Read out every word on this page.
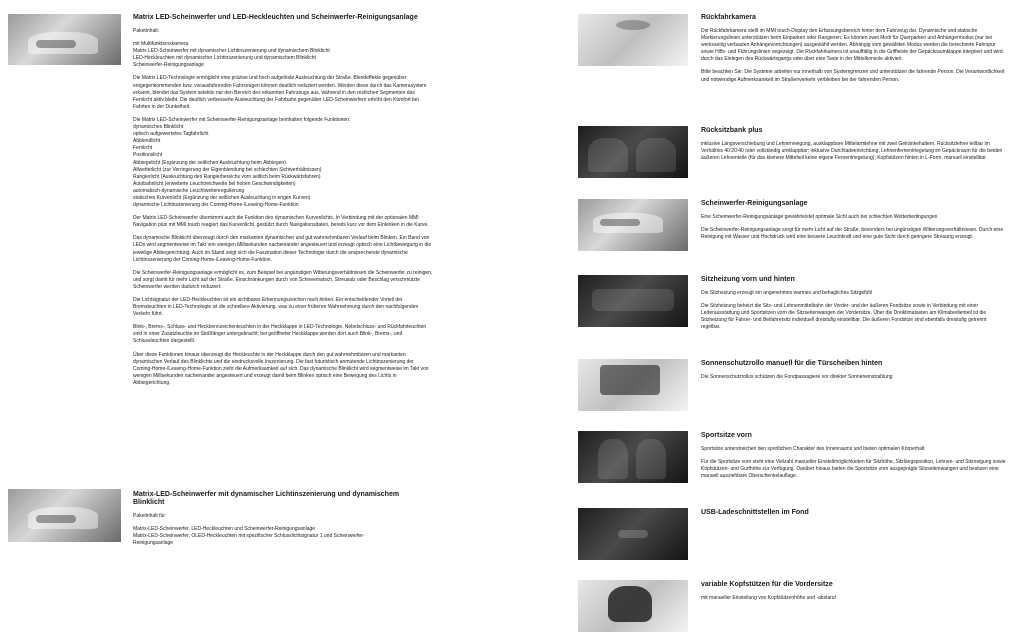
Matrix LED-Scheinwerfer und LED-Heckleuchten und Scheinwerfer-Reinigungsanlage
Paketinhalt:
mit Multifunktionskamera
Matrix LED-Scheinwerfer mit dynamischer Lichtinszenierung und dynamischem Blinklicht
LED-Heckleuchten mit dynamischer Lichtinszenierung und dynamischem Blinklicht
Scheinwerfer-Reinigungsanlage
Die Matrix LED-Technologie ermöglicht eine präzise und hoch aufgelöste Ausleuchtung der Straße. Blendeffekte gegenüber entgegenkommenden bzw. vorausfahrenden Fahrzeugen können deutlich reduziert werden. Werden diese durch das Kamerasystem erkannt, blendet das System selektiv nur den Bereich des erkannten Fahrzeugs aus, während in den restlichen Segmenten das Fernlicht aktiv bleibt. Die deutlich verbesserte Ausleuchtung der Fahrbahn gegenüber LED-Scheinwerfern erhöht den Komfort bei Fahrten in der Dunkelheit.
Die Matrix LED-Scheinwerfer mit Scheinwerfer-Reinigungsanlage beinhalten folgende Funktionen:
dynamisches Blinklicht
optisch aufgewertetes Tagfahrlicht
Abblendlicht
Fernlicht
Positionslicht
Abbiegelicht (Ergänzung der seitlichen Ausleuchtung beim Abbiegen)
Allwetterlicht (zur Verringerung der Eigenblendung bei schlechten Sichtverhältnissen)
Rangierlicht (Ausleuchtung des Rangierbereichs vorn seitlich beim Rückwärtsfahren)
Autobahnlicht (erweiterte Leuchtreichweite bei hohen Geschwindigkeiten)
automatisch-dynamische Leuchtweitenregulierung
statisches Kurvenlicht (Ergänzung der seitlichen Ausleuchtung in engen Kurven)
dynamische Lichtinszenierung der Coming-Home-/Leaving-Home-Funktion
Der Matrix LED-Scheinwerfer übernimmt auch die Funktion des dynamischen Kurvenlichts. In Verbindung mit der optionalen MMI Navigation plus mit MMI touch reagiert das Kurvenlicht, gestützt durch Navigationsdaten, bereits kurz vor dem Einlenken in die Kurve.
Das dynamische Blinklicht überzeugt durch den markanten dynamischen und gut wahrnehmbaren Verlauf beim Blinken. Ein Band von LEDs wird segmentweise im Takt von wenigen Millisekunden nacheinander angesteuert und erzeugt optisch eine Lichtbewegung in die jeweilige Abbiegerichtung. Auch im Stand zeigt sich die Faszination dieser Technologie durch die ansprechende dynamische Lichtinszenierung der Coming-Home-/Leaving-Home-Funktion.
Die Scheinwerfer-Reinigungsanlage ermöglicht es, zum Beispiel bei ungünstigen Witterungsverhältnissen die Scheinwerfer zu reinigen, und sorgt damit für mehr Licht auf der Straße. Einschränkungen durch von Schneematsch, Streusalz oder Beschlag verschmutzte Scheinwerfer werden dadurch reduziert.
Die Lichtsignatur der LED-Heckleuchten ist ein sichtbares Erkennungszeichen nach hinten. Ein entscheidender Vorteil der Bremsleuchten in LED-Technologie ist die schnellere Aktivierung, was zu einer früheren Wahrnehmung durch den nachfolgenden Verkehr führt.
Blink-, Brems-, Schluss- und Heckkennzeichenleuchten in der Heckklappe in LED-Technologie. Nebelschluss- und Rückfahrleuchten sind in einer Zusatzleuchte im Stoßfänger untergebracht; bei geöffneter Heckklappe werden dort auch Blink-, Brems-, und Schlussleuchten dargestellt.
Über diese Funktionen hinaus überzeugt die Heckleuchte in der Heckklappe durch den gut wahrnehmbaren und markanten dynamischen Verlauf des Blinklichts und die eindrucksvolle Inszenierung. Die fast futuristisch anmutende Lichtinszenierung der Coming-Home-/Leaving-Home-Funktion zieht die Aufmerksamkeit auf sich. Das dynamische Blinklicht wird segmentweise im Takt von wenigen Millisekunden nacheinander angesteuert und erzeugt damit beim Blinken optisch eine Bewegung des Lichts in Abbiegerichtung.
Matrix-LED-Scheinwerfer mit dynamischer Lichtinszenierung und dynamischem Blinklicht
Paketinhalt für:
Matrix-LED-Scheinwerfer, LED-Heckleuchten und Scheinwerfer-Reinigungsanlage
Matrix-LED-Scheinwerfer, OLED-Heckleuchten mit spezifischer Schlusslichtsignatur 1 und Scheinwerfer-
Reinigungsanlage
Rückfahrkamera
Die Rückfahrkamera stellt im MMI touch-Display den Erfassungsbereich hinter dem Fahrzeug dar. Dynamische und statische Markierungslinien unterstützen beim Einparken oder Rangieren. Es können zwei Modi für Querparken und Anhängermodus (nur bei werksseitig verbauten Anhängevorrichtungen) ausgewählt werden. Abhängig vom gewählten Modus werden die berechnete Fahrspur sowie Hilfs- und Führungslinien angezeigt. Die Rückfahrkamera ist unauffällig in die Griffleiste der Gepäckraumklappe integriert und wird durch das Einlegen des Rückwärtsgangs oder über eine Taste in der Mittelkonsole aktiviert.
Bitte beachten Sie: Die Systeme arbeiten nur innerhalb von Systemgrenzen und unterstützen die fahrende Person. Die Verantwortlichkeit und notwendige Aufmerksamkeit im Straßenverkehr verbleiben bei der fahrenden Person.
Rücksitzbank plus
inklusive Längsverschiebung und Lehnenneigung, ausklappbare Mittelarmlehne mit zwei Getränkehaltern, Rücksitzlehne teilbar im Verhältnis 40:20:40 oder vollständig umklappbar; inklusive Durchladeeinrichtung, Lehnenfernentriegelung im Gepäckraum für die beiden äußeren Lehnenteile (für das kleinere Mittelteil keine eigene Fernentriegelung); Kopfstützen hinten in L-Form, manuell einstellbar
Scheinwerfer-Reinigungsanlage
Eine Scheinwerfer-Reinigungsanlage gewährleistet optimale Sicht auch bei schlechten Wetterbedingungen
Die Scheinwerfer-Reinigungsanlage sorgt für mehr Licht auf der Straße, besonders bei ungünstigen Witterungsverhältnissen. Durch eine Reinigung mit Wasser und Hochdruck wird eine bessere Leuchtkraft und eine gute Sicht durch geringere Streuung erzeugt.
Sitzheizung vorn und hinten
Die Sitzheizung erzeugt ein angenehmes warmes und behagliches Sitzgefühl
Die Sitzheizung beheizt die Sitz- und Lehnenmittelbahn der Vorder- und der äußeren Fondsitze sowie in Verbindung mit einer Lederausstattung und Sportsitzen vorn die Sitzseitenwangen der Vordersitze. Über die Dreiklimatasten am Klimabedienteil ist die Sitzheizung für Fahrer- und Beifahrersitz individuell dreistufig einstellbar. Die äußeren Fondsitze sind ebenfalls dreistufig getrennt regelbar.
Sonnenschutzrollo manuell für die Türscheiben hinten
Die Sonnenschutzrollos schützen die Fondpassagiere vor direkter Sonneneinstrahlung
Sportsitze vorn
Sportsitze unterstreichen den sportlichen Charakter des Innenraums und bieten optimalen Körperhalt
Für die Sportsitze vorn steht eine Vielzahl manueller Einstellmöglichkeiten für Sitzhöhe, Sitzlängsposition, Lehnen- und Sitzneigung sowie Kopfstützen- und Gurthöhe zur Verfügung. Darüber hinaus bieten die Sportsitze vorn ausgeprägte Sitzseitenwangen und besitzen eine manuell ausziehbare Oberschenkelauflage.
USB-Ladeschnittstellen im Fond
variable Kopfstützen für die Vordersitze
mit manueller Einstellung von Kopfstützenhöhe und -abstand
